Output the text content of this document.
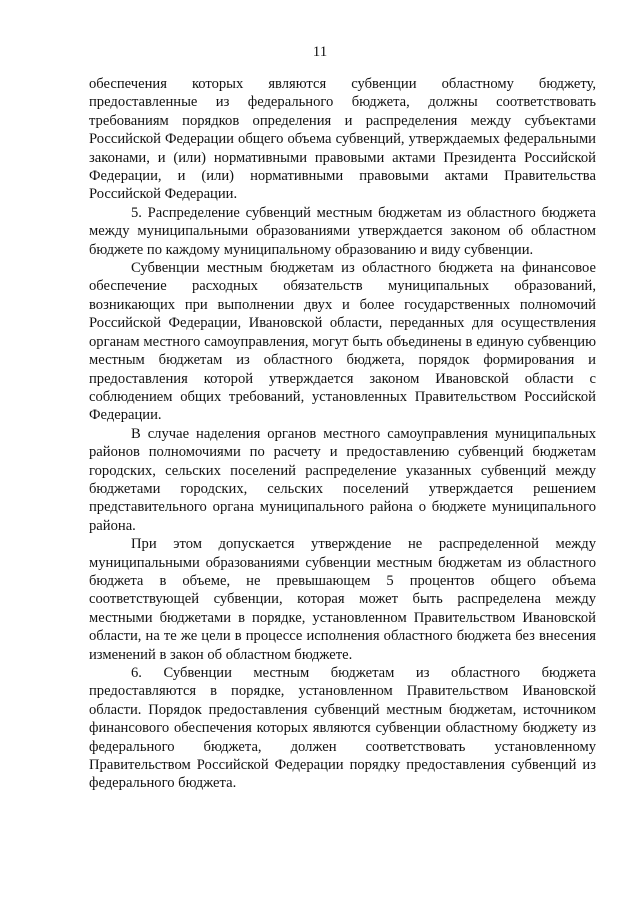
11

обеспечения которых являются субвенции областному бюджету, предоставленные из федерального бюджета, должны соответствовать требованиям порядков определения и распределения между субъектами Российской Федерации общего объема субвенций, утверждаемых федеральными законами, и (или) нормативными правовыми актами Президента Российской Федерации, и (или) нормативными правовыми актами Правительства Российской Федерации.

5. Распределение субвенций местным бюджетам из областного бюджета между муниципальными образованиями утверждается законом об областном бюджете по каждому муниципальному образованию и виду субвенции.

Субвенции местным бюджетам из областного бюджета на финансовое обеспечение расходных обязательств муниципальных образований, возникающих при выполнении двух и более государственных полномочий Российской Федерации, Ивановской области, переданных для осуществления органам местного самоуправления, могут быть объединены в единую субвенцию местным бюджетам из областного бюджета, порядок формирования и предоставления которой утверждается законом Ивановской области с соблюдением общих требований, установленных Правительством Российской Федерации.

В случае наделения органов местного самоуправления муниципальных районов полномочиями по расчету и предоставлению субвенций бюджетам городских, сельских поселений распределение указанных субвенций между бюджетами городских, сельских поселений утверждается решением представительного органа муниципального района о бюджете муниципального района.

При этом допускается утверждение не распределенной между муниципальными образованиями субвенции местным бюджетам из областного бюджета в объеме, не превышающем 5 процентов общего объема соответствующей субвенции, которая может быть распределена между местными бюджетами в порядке, установленном Правительством Ивановской области, на те же цели в процессе исполнения областного бюджета без внесения изменений в закон об областном бюджете.

6. Субвенции местным бюджетам из областного бюджета предоставляются в порядке, установленном Правительством Ивановской области. Порядок предоставления субвенций местным бюджетам, источником финансового обеспечения которых являются субвенции областному бюджету из федерального бюджета, должен соответствовать установленному Правительством Российской Федерации порядку предоставления субвенций из федерального бюджета.
